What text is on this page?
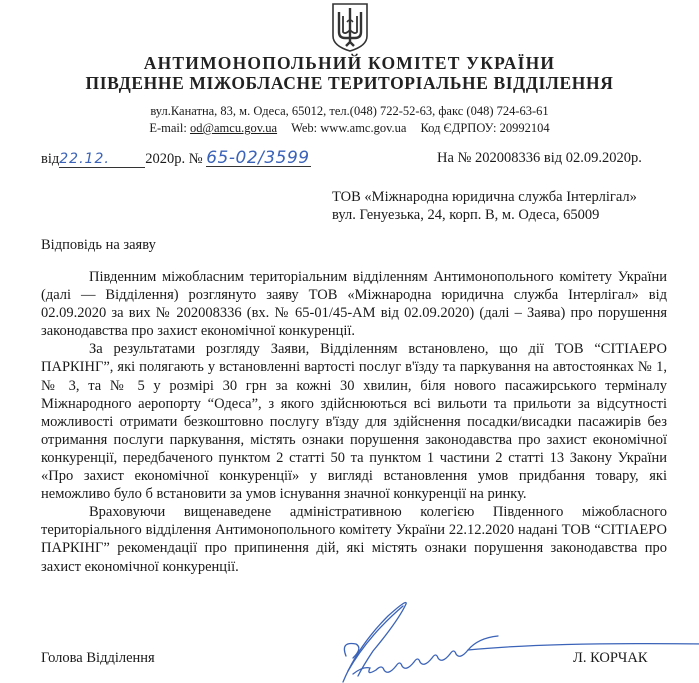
АНТИМОНОПОЛЬНИЙ КОМІТЕТ УКРАЇНИ
ПІВДЕННЕ МІЖОБЛАСНЕ ТЕРИТОРІАЛЬНЕ ВІДДІЛЕННЯ
вул.Канатна, 83, м. Одеса, 65012, тел.(048) 722-52-63, факс (048) 724-63-61
E-mail: od@amcu.gov.ua Web: www.amc.gov.ua Код ЄДРПОУ: 20992104
від22.12. 2020р. № 65-02/3599	На № 202008336 від 02.09.2020р.
ТОВ «Міжнародна юридична служба Інтерлігал»
вул. Генуезька, 24, корп. В, м. Одеса, 65009
Відповідь на заяву

Південним міжобласним територіальним відділенням Антимонопольного комітету України (далі — Відділення) розглянуто заяву ТОВ «Міжнародна юридична служба Інтерлігал» від 02.09.2020 за вих № 202008336 (вх. № 65-01/45-АМ від 02.09.2020) (далі – Заява) про порушення законодавства про захист економічної конкуренції.

За результатами розгляду Заяви, Відділенням встановлено, що дії ТОВ “СІТІАЕРО ПАРКІНГ”, які полягають у встановленні вартості послуг в'їзду та паркування на автостоянках № 1, № 3, та № 5 у розмірі 30 грн за кожні 30 хвилин, біля нового пасажирського терміналу Міжнародного аеропорту “Одеса”, з якого здійснюються всі вильоти та прильоти за відсутності можливості отримати безкоштовно послугу в'їзду для здійснення посадки/висадки пасажирів без отримання послуги паркування, містять ознаки порушення законодавства про захист економічної конкуренції, передбаченого пунктом 2 статті 50 та пунктом 1 частини 2 статті 13 Закону України «Про захист економічної конкуренції» у вигляді встановлення умов придбання товару, які неможливо було б встановити за умов існування значної конкуренції на ринку.

Враховуючи вищенаведене адміністративною колегією Південного міжобласного територіального відділення Антимонопольного комітету України 22.12.2020 надані ТОВ “СІТІАЕРО ПАРКІНГ” рекомендації про припинення дій, які містять ознаки порушення законодавства про захист економічної конкуренції.

Голова Відділення	Л. КОРЧАК
